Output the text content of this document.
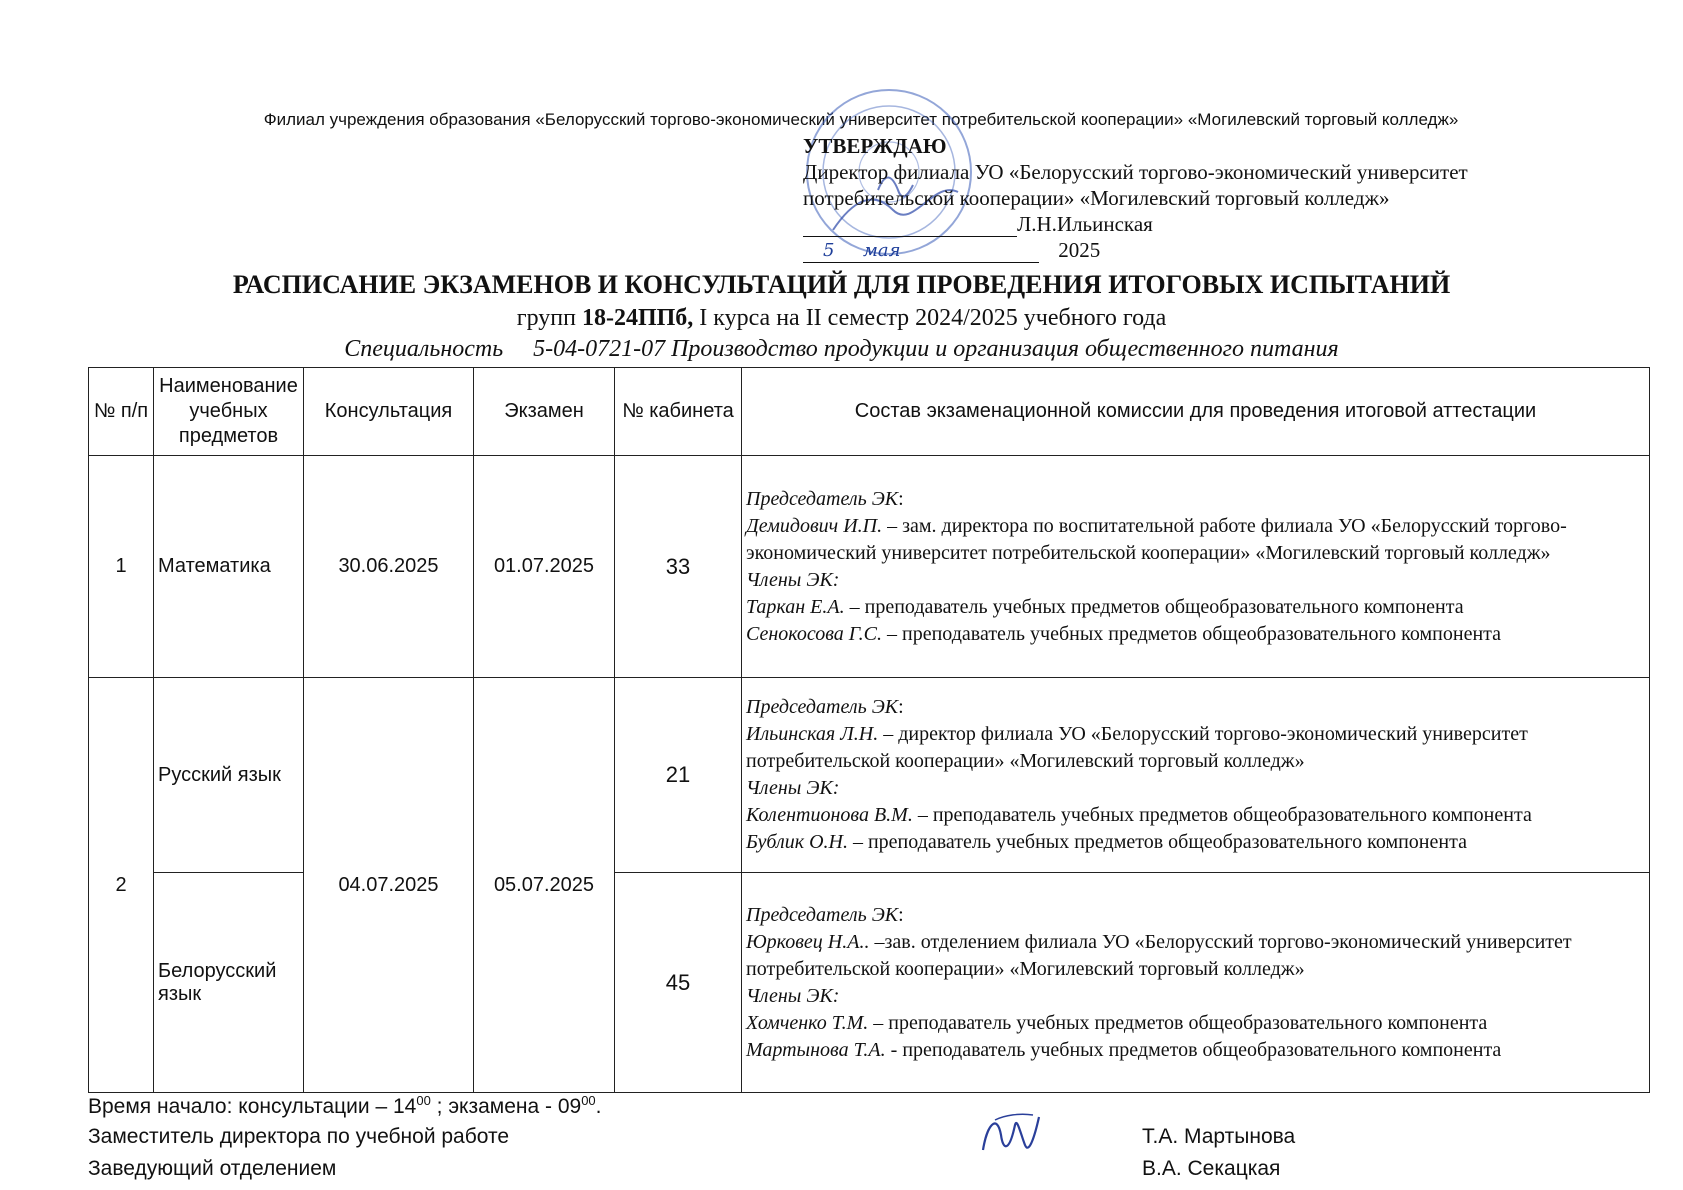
Филиал учреждения образования «Белорусский торгово-экономический университет потребительской кооперации» «Могилевский торговый колледж»
УТВЕРЖДАЮ
Директор филиала УО «Белорусский торгово-экономический университет
потребительской кооперации» «Могилевский торговый колледж»
Л.Н.Ильинская
5 мая	2025
РАСПИСАНИЕ ЭКЗАМЕНОВ И КОНСУЛЬТАЦИЙ ДЛЯ ПРОВЕДЕНИЯ ИТОГОВЫХ ИСПЫТАНИЙ
групп 18-24ППб, I курса на II семестр 2024/2025 учебного года
Специальность 5-04-0721-07 Производство продукции и организация общественного питания
№ п/п	Наименование учебных предметов	Консультация	Экзамен	№ кабинета	Состав экзаменационной комиссии для проведения итоговой аттестации
1	Математика	30.06.2025	01.07.2025	33	Председатель ЭК:
Демидович И.П. – зам. директора по воспитательной работе филиала УО «Белорусский торгово-экономический университет потребительской кооперации» «Могилевский торговый колледж»
Члены ЭК:
Таркан Е.А. – преподаватель учебных предметов общеобразовательного компонента
Сенокосова Г.С. – преподаватель учебных предметов общеобразовательного компонента

2	Русский язык	04.07.2025	05.07.2025	21	Председатель ЭК:
Ильинская Л.Н. – директор филиала УО «Белорусский торгово-экономический университет потребительской кооперации» «Могилевский торговый колледж»
Члены ЭК:
Колентионова В.М. – преподаватель учебных предметов общеобразовательного компонента
Бублик О.Н. – преподаватель учебных предметов общеобразовательного компонента

	Белорусский язык			45	Председатель ЭК:
Юрковец Н.А.. –зав. отделением филиала УО «Белорусский торгово-экономический университет потребительской кооперации» «Могилевский торговый колледж»
Члены ЭК:
Хомченко Т.М. – преподаватель учебных предметов общеобразовательного компонента
Мартынова Т.А. - преподаватель учебных предметов общеобразовательного компонента
Время начало: консультации – $14^{00}$ ; экзамена - $09^{00}$.
Заместитель директора по учебной работе	Т.А. Мартынова
Заведующий отделением	В.А. Секацкая
